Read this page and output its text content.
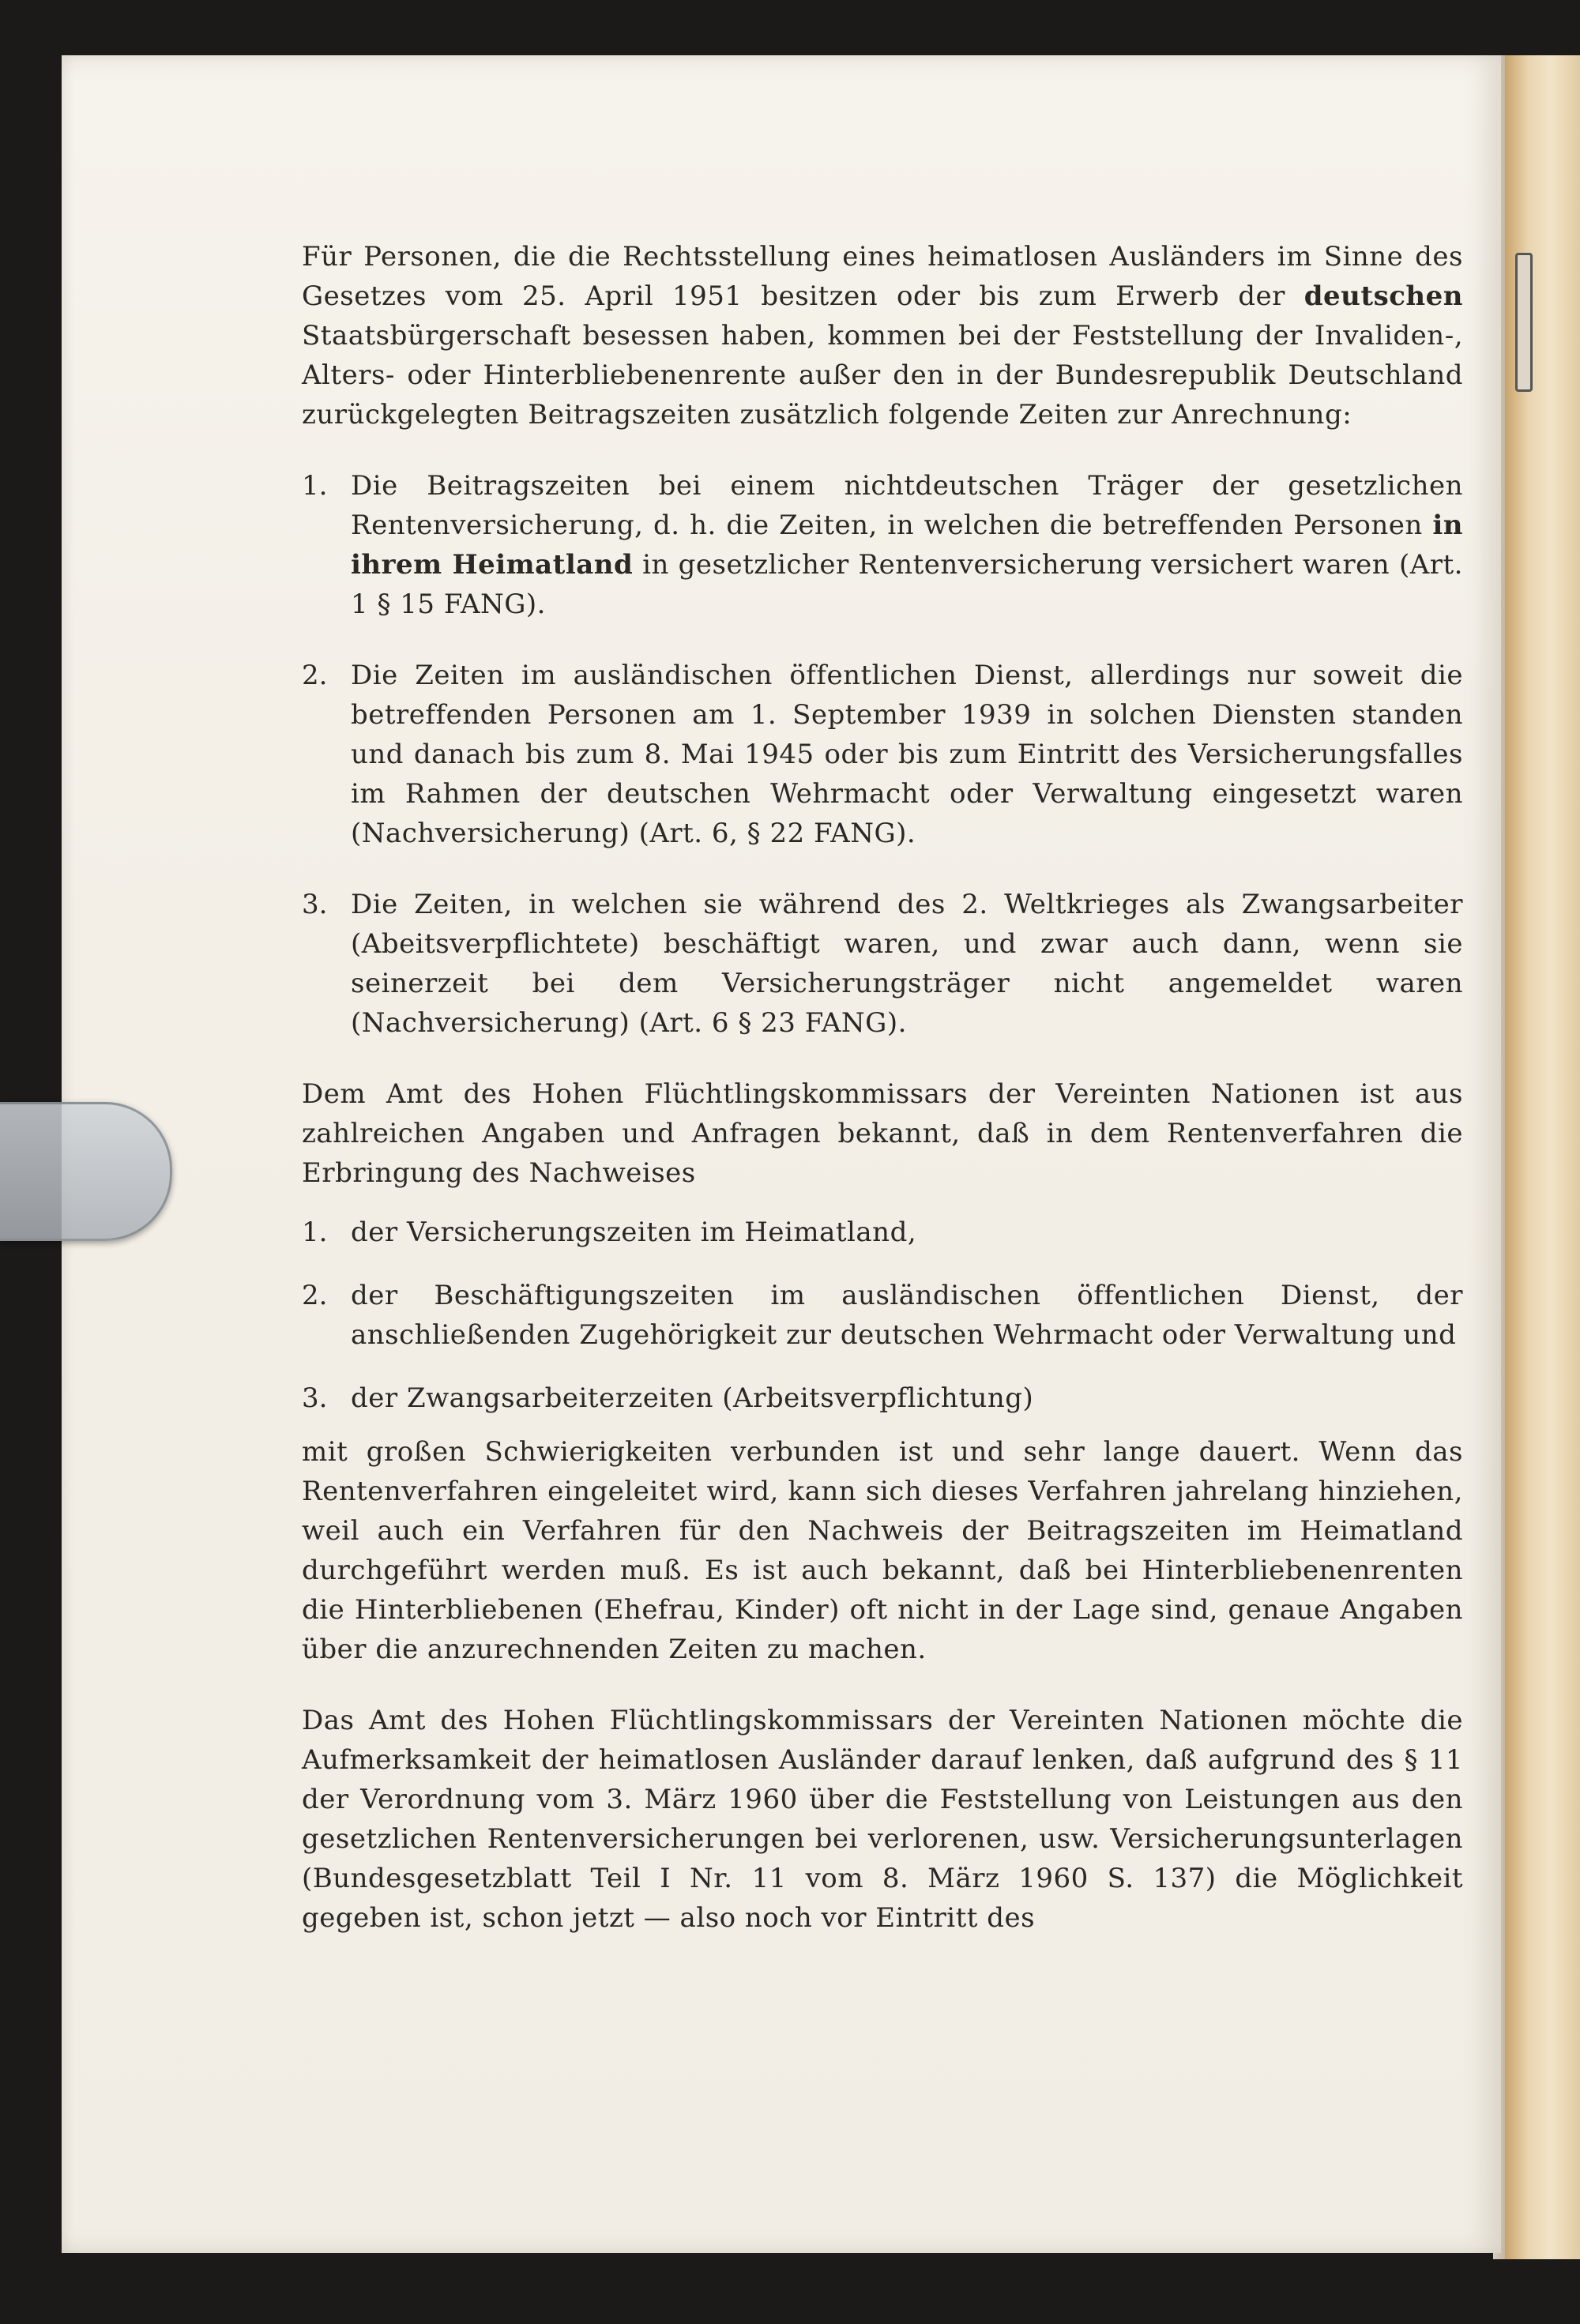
Für Personen, die die Rechtsstellung eines heimatlosen Ausländers im Sinne des Gesetzes vom 25. April 1951 besitzen oder bis zum Erwerb der deutschen Staatsbürgerschaft besessen haben, kommen bei der Feststellung der Invaliden-, Alters- oder Hinterbliebenenrente außer den in der Bundesrepublik Deutschland zurückgelegten Beitragszeiten zusätzlich folgende Zeiten zur Anrechnung:

1. Die Beitragszeiten bei einem nichtdeutschen Träger der gesetzlichen Rentenversicherung, d. h. die Zeiten, in welchen die betreffenden Personen in ihrem Heimatland in gesetzlicher Rentenversicherung versichert waren (Art. 1 § 15 FANG).
2. Die Zeiten im ausländischen öffentlichen Dienst, allerdings nur soweit die betreffenden Personen am 1. September 1939 in solchen Diensten standen und danach bis zum 8. Mai 1945 oder bis zum Eintritt des Versicherungsfalles im Rahmen der deutschen Wehrmacht oder Verwaltung eingesetzt waren (Nachversicherung) (Art. 6, § 22 FANG).
3. Die Zeiten, in welchen sie während des 2. Weltkrieges als Zwangsarbeiter (Abeitsverpflichtete) beschäftigt waren, und zwar auch dann, wenn sie seinerzeit bei dem Versicherungsträger nicht angemeldet waren (Nachversicherung) (Art. 6 § 23 FANG).

Dem Amt des Hohen Flüchtlingskommissars der Vereinten Nationen ist aus zahlreichen Angaben und Anfragen bekannt, daß in dem Rentenverfahren die Erbringung des Nachweises

1. der Versicherungszeiten im Heimatland,
2. der Beschäftigungszeiten im ausländischen öffentlichen Dienst, der anschließenden Zugehörigkeit zur deutschen Wehrmacht oder Verwaltung und
3. der Zwangsarbeiterzeiten (Arbeitsverpflichtung)

mit großen Schwierigkeiten verbunden ist und sehr lange dauert. Wenn das Rentenverfahren eingeleitet wird, kann sich dieses Verfahren jahrelang hinziehen, weil auch ein Verfahren für den Nachweis der Beitragszeiten im Heimatland durchgeführt werden muß. Es ist auch bekannt, daß bei Hinterbliebenenrenten die Hinterbliebenen (Ehefrau, Kinder) oft nicht in der Lage sind, genaue Angaben über die anzurechnenden Zeiten zu machen.

Das Amt des Hohen Flüchtlingskommissars der Vereinten Nationen möchte die Aufmerksamkeit der heimatlosen Ausländer darauf lenken, daß aufgrund des § 11 der Verordnung vom 3. März 1960 über die Feststellung von Leistungen aus den gesetzlichen Rentenversicherungen bei verlorenen, usw. Versicherungsunterlagen (Bundesgesetzblatt Teil I Nr. 11 vom 8. März 1960 S. 137) die Möglichkeit gegeben ist, schon jetzt — also noch vor Eintritt des
